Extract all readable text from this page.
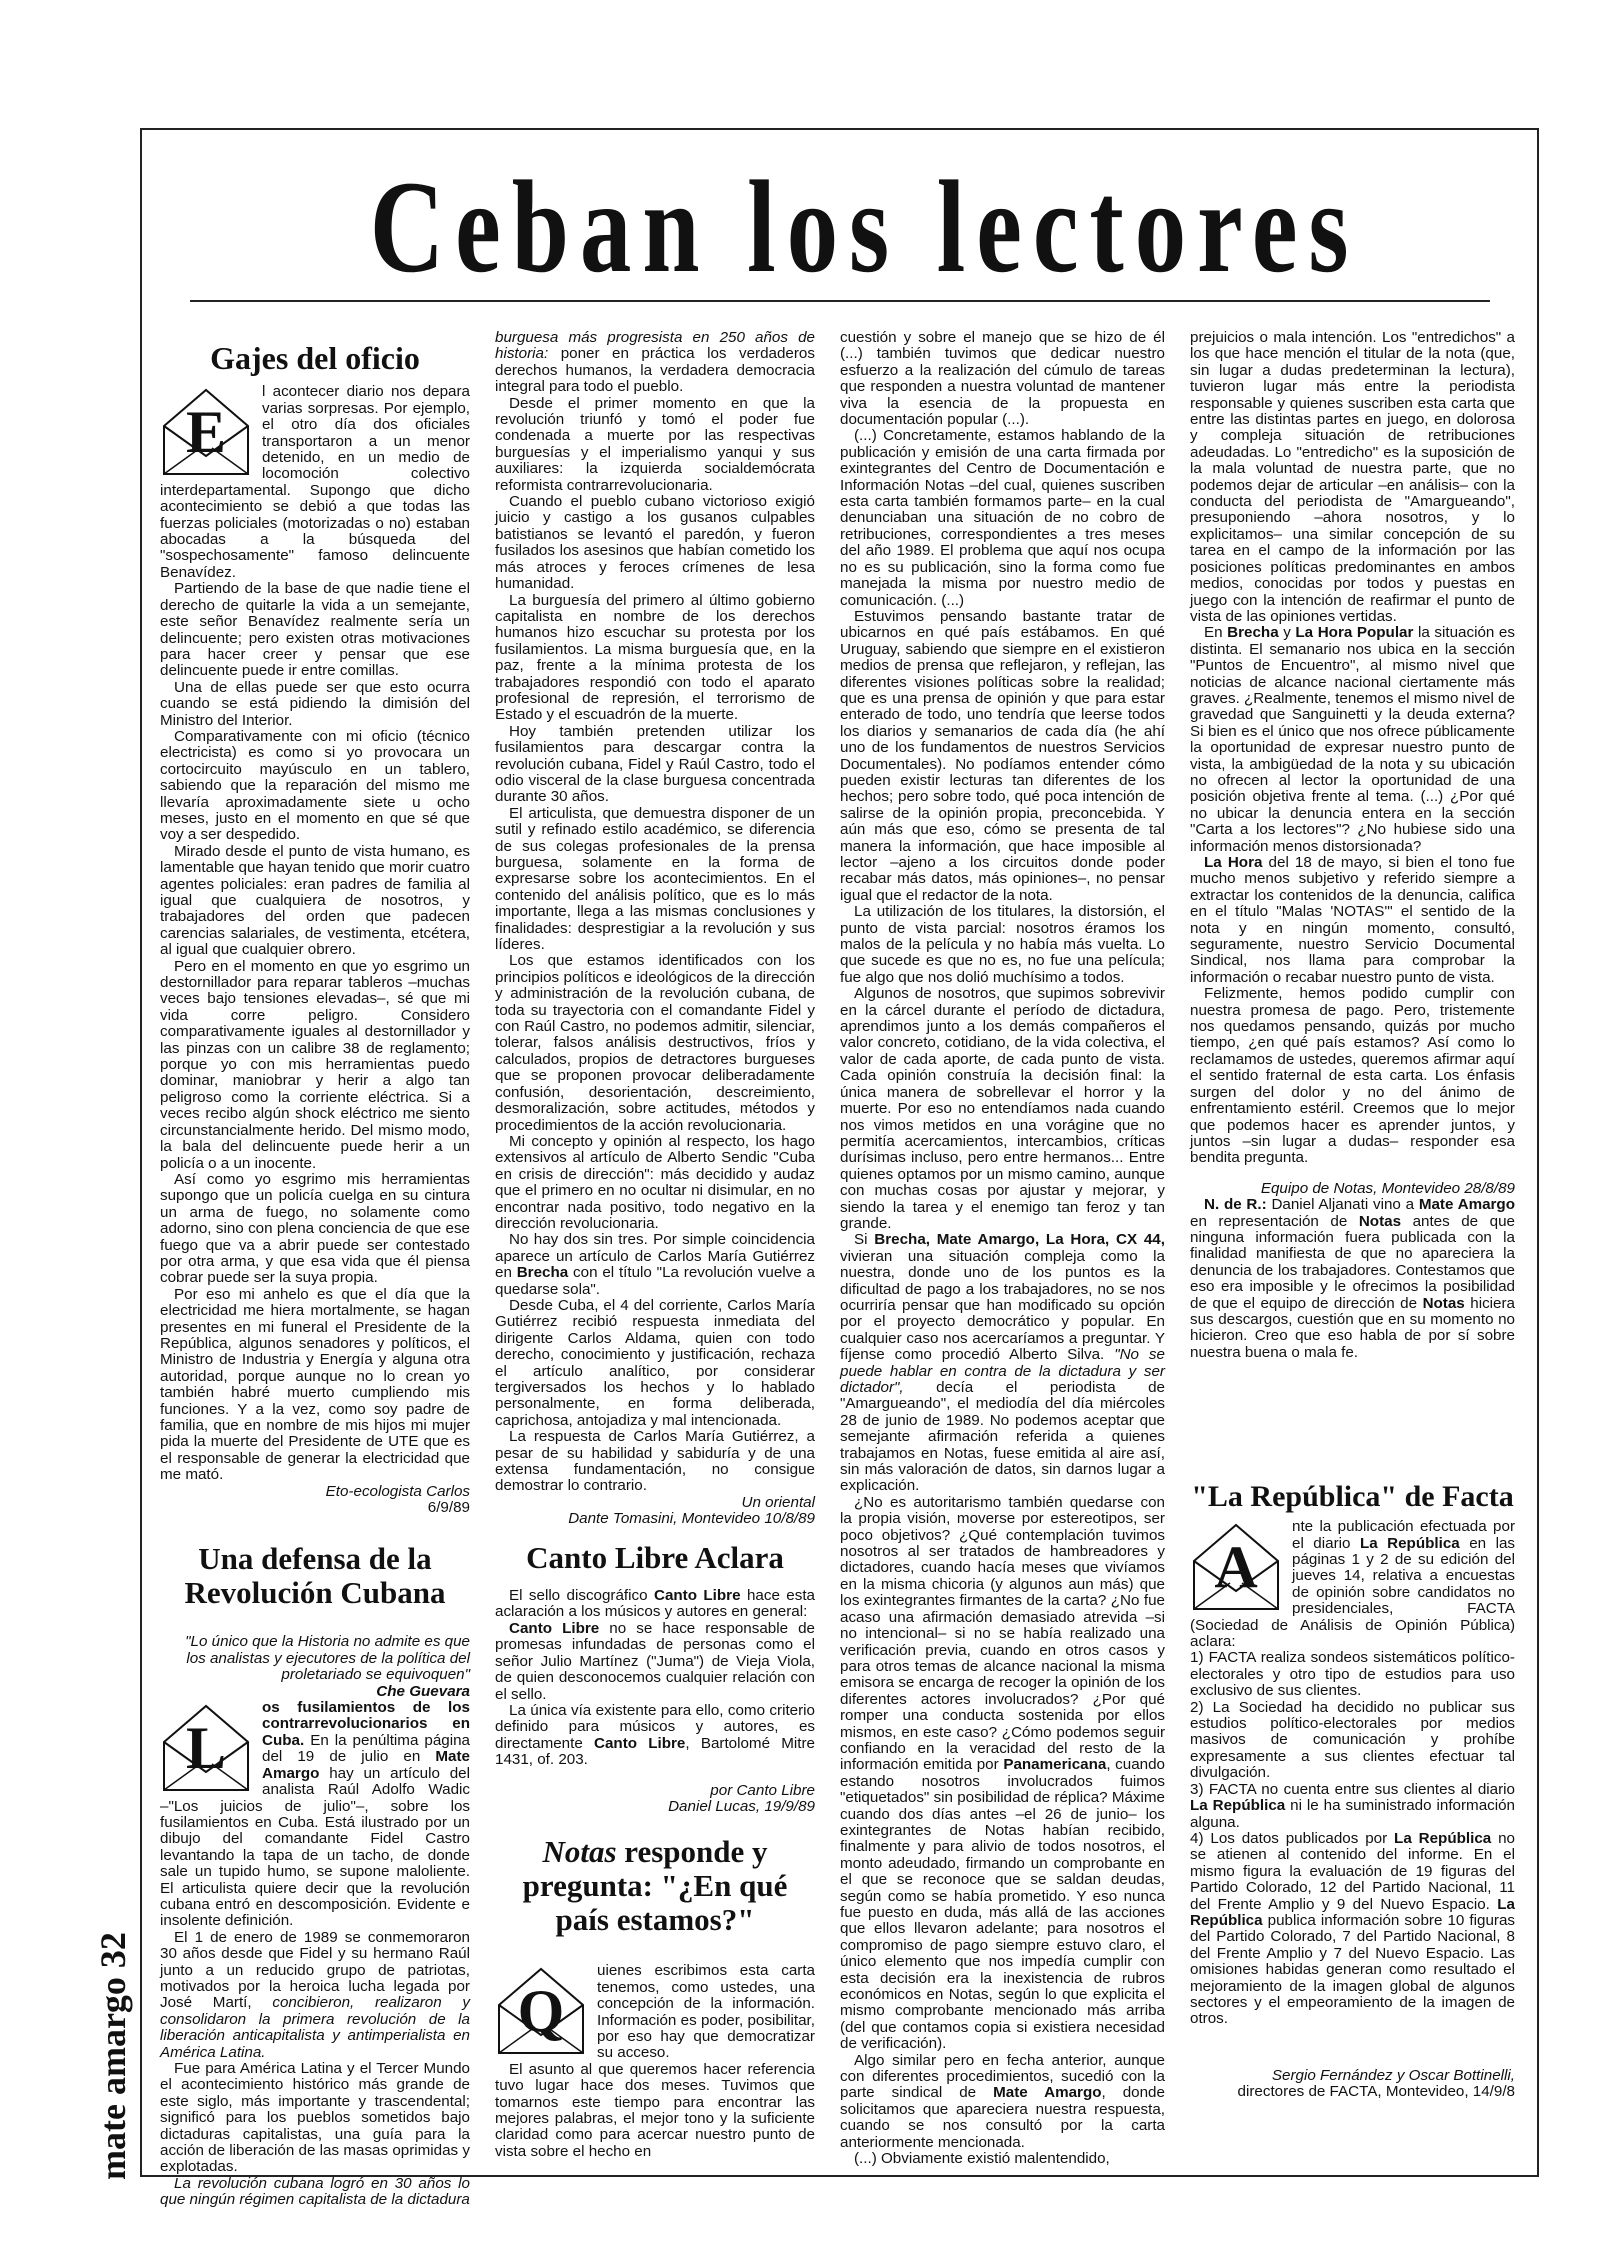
Ceban los lectores
Gajes del oficio
E

l acontecer diario nos depara varias sorpresas. Por ejemplo, el otro día dos oficiales transportaron a un menor detenido, en un medio de locomoción colectivo interdepartamental. Supongo que dicho acontecimiento se debió a que todas las fuerzas policiales (motorizadas o no) estaban abocadas a la búsqueda del "sospechosamente" famoso delincuente Benavídez.

Partiendo de la base de que nadie tiene el derecho de quitarle la vida a un semejante, este señor Benavídez realmente sería un delincuente; pero existen otras motivaciones para hacer creer y pensar que ese delincuente puede ir entre comillas.

Una de ellas puede ser que esto ocurra cuando se está pidiendo la dimisión del Ministro del Interior.

Comparativamente con mi oficio (técnico electricista) es como si yo provocara un cortocircuito mayúsculo en un tablero, sabiendo que la reparación del mismo me llevaría aproximadamente siete u ocho meses, justo en el momento en que sé que voy a ser despedido.

Mirado desde el punto de vista humano, es lamentable que hayan tenido que morir cuatro agentes policiales: eran padres de familia al igual que cualquiera de nosotros, y trabajadores del orden que padecen carencias salariales, de vestimenta, etcétera, al igual que cualquier obrero.

Pero en el momento en que yo esgrimo un destornillador para reparar tableros –muchas veces bajo tensiones elevadas–, sé que mi vida corre peligro. Considero comparativamente iguales al destornillador y las pinzas con un calibre 38 de reglamento; porque yo con mis herramientas puedo dominar, maniobrar y herir a algo tan peligroso como la corriente eléctrica. Si a veces recibo algún shock eléctrico me siento circunstancialmente herido. Del mismo modo, la bala del delincuente puede herir a un policía o a un inocente.

Así como yo esgrimo mis herramientas supongo que un policía cuelga en su cintura un arma de fuego, no solamente como adorno, sino con plena conciencia de que ese fuego que va a abrir puede ser contestado por otra arma, y que esa vida que él piensa cobrar puede ser la suya propia.

Por eso mi anhelo es que el día que la electricidad me hiera mortalmente, se hagan presentes en mi funeral el Presidente de la República, algunos senadores y políticos, el Ministro de Industria y Energía y alguna otra autoridad, porque aunque no lo crean yo también habré muerto cumpliendo mis funciones. Y a la vez, como soy padre de familia, que en nombre de mis hijos mi mujer pida la muerte del Presidente de UTE que es el responsable de generar la electricidad que me mató.

Eto-ecologista Carlos

6/9/89

Una defensa de la Revolución Cubana

"Lo único que la Historia no admite es que los analistas y ejecutores de la política del proletariado se equivoquen"

Che Guevara

L

os fusilamientos de los contrarrevolucionarios en Cuba. En la penúltima página del 19 de julio en Mate Amargo hay un artículo del analista Raúl Adolfo Wadic –"Los juicios de julio"–, sobre los fusilamientos en Cuba. Está ilustrado por un dibujo del comandante Fidel Castro levantando la tapa de un tacho, de donde sale un tupido humo, se supone maloliente. El articulista quiere decir que la revolución cubana entró en descomposición. Evidente e insolente definición.

El 1 de enero de 1989 se conmemoraron 30 años desde que Fidel y su hermano Raúl junto a un reducido grupo de patriotas, motivados por la heroica lucha legada por José Martí, concibieron, realizaron y consolidaron la primera revolución de la liberación anticapitalista y antimperialista en América Latina.

Fue para América Latina y el Tercer Mundo el acontecimiento histórico más grande de este siglo, más importante y trascendental; significó para los pueblos sometidos bajo dictaduras capitalistas, una guía para la acción de liberación de las masas oprimidas y explotadas.

La revolución cubana logró en 30 años lo que ningún régimen capitalista de la dictadura

burguesa más progresista en 250 años de historia: poner en práctica los verdaderos derechos humanos, la verdadera democracia integral para todo el pueblo.

Desde el primer momento en que la revolución triunfó y tomó el poder fue condenada a muerte por las respectivas burguesías y el imperialismo yanqui y sus auxiliares: la izquierda socialdemócrata reformista contrarrevolucionaria.

Cuando el pueblo cubano victorioso exigió juicio y castigo a los gusanos culpables batistianos se levantó el paredón, y fueron fusilados los asesinos que habían cometido los más atroces y feroces crímenes de lesa humanidad.

La burguesía del primero al último gobierno capitalista en nombre de los derechos humanos hizo escuchar su protesta por los fusilamientos. La misma burguesía que, en la paz, frente a la mínima protesta de los trabajadores respondió con todo el aparato profesional de represión, el terrorismo de Estado y el escuadrón de la muerte.

Hoy también pretenden utilizar los fusilamientos para descargar contra la revolución cubana, Fidel y Raúl Castro, todo el odio visceral de la clase burguesa concentrada durante 30 años.

El articulista, que demuestra disponer de un sutil y refinado estilo académico, se diferencia de sus colegas profesionales de la prensa burguesa, solamente en la forma de expresarse sobre los acontecimientos. En el contenido del análisis político, que es lo más importante, llega a las mismas conclusiones y finalidades: desprestigiar a la revolución y sus líderes.

Los que estamos identificados con los principios políticos e ideológicos de la dirección y administración de la revolución cubana, de toda su trayectoria con el comandante Fidel y con Raúl Castro, no podemos admitir, silenciar, tolerar, falsos análisis destructivos, fríos y calculados, propios de detractores burgueses que se proponen provocar deliberadamente confusión, desorientación, descreimiento, desmoralización, sobre actitudes, métodos y procedimientos de la acción revolucionaria.

Mi concepto y opinión al respecto, los hago extensivos al artículo de Alberto Sendic "Cuba en crisis de dirección": más decidido y audaz que el primero en no ocultar ni disimular, en no encontrar nada positivo, todo negativo en la dirección revolucionaria.

No hay dos sin tres. Por simple coincidencia aparece un artículo de Carlos María Gutiérrez en Brecha con el título "La revolución vuelve a quedarse sola".

Desde Cuba, el 4 del corriente, Carlos María Gutiérrez recibió respuesta inmediata del dirigente Carlos Aldama, quien con todo derecho, conocimiento y justificación, rechaza el artículo analítico, por considerar tergiversados los hechos y lo hablado personalmente, en forma deliberada, caprichosa, antojadiza y mal intencionada.

La respuesta de Carlos María Gutiérrez, a pesar de su habilidad y sabiduría y de una extensa fundamentación, no consigue demostrar lo contrario.

Un oriental

Dante Tomasini, Montevideo 10/8/89

Canto Libre Aclara

El sello discográfico Canto Libre hace esta aclaración a los músicos y autores en general:

Canto Libre no se hace responsable de promesas infundadas de personas como el señor Julio Martínez ("Juma") de Vieja Viola, de quien desconocemos cualquier relación con el sello.

La única vía existente para ello, como criterio definido para músicos y autores, es directamente Canto Libre, Bartolomé Mitre 1431, of. 203.

por Canto Libre

Daniel Lucas, 19/9/89

Notas responde y pregunta: "¿En qué país estamos?"
Q

uienes escribimos esta carta tenemos, como ustedes, una concepción de la información. Información es poder, posibilitar, por eso hay que democratizar su acceso.

El asunto al que queremos hacer referencia tuvo lugar hace dos meses. Tuvimos que tomarnos este tiempo para encontrar las mejores palabras, el mejor tono y la suficiente claridad como para acercar nuestro punto de vista sobre el hecho en

cuestión y sobre el manejo que se hizo de él (...) también tuvimos que dedicar nuestro esfuerzo a la realización del cúmulo de tareas que responden a nuestra voluntad de mantener viva la esencia de la propuesta en documentación popular (...).

(...) Concretamente, estamos hablando de la publicación y emisión de una carta firmada por exintegrantes del Centro de Documentación e Información Notas –del cual, quienes suscriben esta carta también formamos parte– en la cual denunciaban una situación de no cobro de retribuciones, correspondientes a tres meses del año 1989. El problema que aquí nos ocupa no es su publicación, sino la forma como fue manejada la misma por nuestro medio de comunicación. (...)

Estuvimos pensando bastante tratar de ubicarnos en qué país estábamos. En qué Uruguay, sabiendo que siempre en el existieron medios de prensa que reflejaron, y reflejan, las diferentes visiones políticas sobre la realidad; que es una prensa de opinión y que para estar enterado de todo, uno tendría que leerse todos los diarios y semanarios de cada día (he ahí uno de los fundamentos de nuestros Servicios Documentales). No podíamos entender cómo pueden existir lecturas tan diferentes de los hechos; pero sobre todo, qué poca intención de salirse de la opinión propia, preconcebida. Y aún más que eso, cómo se presenta de tal manera la información, que hace imposible al lector –ajeno a los circuitos donde poder recabar más datos, más opiniones–, no pensar igual que el redactor de la nota.

La utilización de los titulares, la distorsión, el punto de vista parcial: nosotros éramos los malos de la película y no había más vuelta. Lo que sucede es que no es, no fue una película; fue algo que nos dolió muchísimo a todos.

Algunos de nosotros, que supimos sobrevivir en la cárcel durante el período de dictadura, aprendimos junto a los demás compañeros el valor concreto, cotidiano, de la vida colectiva, el valor de cada aporte, de cada punto de vista. Cada opinión construía la decisión final: la única manera de sobrellevar el horror y la muerte. Por eso no entendíamos nada cuando nos vimos metidos en una vorágine que no permitía acercamientos, intercambios, críticas durísimas incluso, pero entre hermanos... Entre quienes optamos por un mismo camino, aunque con muchas cosas por ajustar y mejorar, y siendo la tarea y el enemigo tan feroz y tan grande.

Si Brecha, Mate Amargo, La Hora, CX 44, vivieran una situación compleja como la nuestra, donde uno de los puntos es la dificultad de pago a los trabajadores, no se nos ocurriría pensar que han modificado su opción por el proyecto democrático y popular. En cualquier caso nos acercaríamos a preguntar. Y fíjense como procedió Alberto Silva. "No se puede hablar en contra de la dictadura y ser dictador", decía el periodista de "Amargueando", el mediodía del día miércoles 28 de junio de 1989. No podemos aceptar que semejante afirmación referida a quienes trabajamos en Notas, fuese emitida al aire así, sin más valoración de datos, sin darnos lugar a explicación.

¿No es autoritarismo también quedarse con la propia visión, moverse por estereotipos, ser poco objetivos? ¿Qué contemplación tuvimos nosotros al ser tratados de hambreadores y dictadores, cuando hacía meses que vivíamos en la misma chicoria (y algunos aun más) que los exintegrantes firmantes de la carta? ¿No fue acaso una afirmación demasiado atrevida –si no intencional– si no se había realizado una verificación previa, cuando en otros casos y para otros temas de alcance nacional la misma emisora se encarga de recoger la opinión de los diferentes actores involucrados? ¿Por qué romper una conducta sostenida por ellos mismos, en este caso? ¿Cómo podemos seguir confiando en la veracidad del resto de la información emitida por Panamericana, cuando estando nosotros involucrados fuimos "etiquetados" sin posibilidad de réplica? Máxime cuando dos días antes –el 26 de junio– los exintegrantes de Notas habían recibido, finalmente y para alivio de todos nosotros, el monto adeudado, firmando un comprobante en el que se reconoce que se saldan deudas, según como se había prometido. Y eso nunca fue puesto en duda, más allá de las acciones que ellos llevaron adelante; para nosotros el compromiso de pago siempre estuvo claro, el único elemento que nos impedía cumplir con esta decisión era la inexistencia de rubros económicos en Notas, según lo que explicita el mismo comprobante mencionado más arriba (del que contamos copia si existiera necesidad de verificación).

Algo similar pero en fecha anterior, aunque con diferentes procedimientos, sucedió con la parte sindical de Mate Amargo, donde solicitamos que apareciera nuestra respuesta, cuando se nos consultó por la carta anteriormente mencionada.

(...) Obviamente existió malentendido,

prejuicios o mala intención. Los "entredichos" a los que hace mención el titular de la nota (que, sin lugar a dudas predeterminan la lectura), tuvieron lugar más entre la periodista responsable y quienes suscriben esta carta que entre las distintas partes en juego, en dolorosa y compleja situación de retribuciones adeudadas. Lo "entredicho" es la suposición de la mala voluntad de nuestra parte, que no podemos dejar de articular –en análisis– con la conducta del periodista de "Amargueando", presuponiendo –ahora nosotros, y lo explicitamos– una similar concepción de su tarea en el campo de la información por las posiciones políticas predominantes en ambos medios, conocidas por todos y puestas en juego con la intención de reafirmar el punto de vista de las opiniones vertidas.

En Brecha y La Hora Popular la situación es distinta. El semanario nos ubica en la sección "Puntos de Encuentro", al mismo nivel que noticias de alcance nacional ciertamente más graves. ¿Realmente, tenemos el mismo nivel de gravedad que Sanguinetti y la deuda externa? Si bien es el único que nos ofrece públicamente la oportunidad de expresar nuestro punto de vista, la ambigüedad de la nota y su ubicación no ofrecen al lector la oportunidad de una posición objetiva frente al tema. (...) ¿Por qué no ubicar la denuncia entera en la sección "Carta a los lectores"? ¿No hubiese sido una información menos distorsionada?

La Hora del 18 de mayo, si bien el tono fue mucho menos subjetivo y referido siempre a extractar los contenidos de la denuncia, califica en el título "Malas 'NOTAS'" el sentido de la nota y en ningún momento, consultó, seguramente, nuestro Servicio Documental Sindical, nos llama para comprobar la información o recabar nuestro punto de vista.

Felizmente, hemos podido cumplir con nuestra promesa de pago. Pero, tristemente nos quedamos pensando, quizás por mucho tiempo, ¿en qué país estamos? Así como lo reclamamos de ustedes, queremos afirmar aquí el sentido fraternal de esta carta. Los énfasis surgen del dolor y no del ánimo de enfrentamiento estéril. Creemos que lo mejor que podemos hacer es aprender juntos, y juntos –sin lugar a dudas– responder esa bendita pregunta.

Equipo de Notas, Montevideo 28/8/89

N. de R.: Daniel Aljanati vino a Mate Amargo en representación de Notas antes de que ninguna información fuera publicada con la finalidad manifiesta de que no apareciera la denuncia de los trabajadores. Contestamos que eso era imposible y le ofrecimos la posibilidad de que el equipo de dirección de Notas hiciera sus descargos, cuestión que en su momento no hicieron. Creo que eso habla de por sí sobre nuestra buena o mala fe.

"La República" de Facta
A

nte la publicación efectuada por el diario La República en las páginas 1 y 2 de su edición del jueves 14, relativa a encuestas de opinión sobre candidatos no presidenciales, FACTA (Sociedad de Análisis de Opinión Pública) aclara:

1) FACTA realiza sondeos sistemáticos político-electorales y otro tipo de estudios para uso exclusivo de sus clientes.

2) La Sociedad ha decidido no publicar sus estudios político-electorales por medios masivos de comunicación y prohíbe expresamente a sus clientes efectuar tal divulgación.

3) FACTA no cuenta entre sus clientes al diario La República ni le ha suministrado información alguna.

4) Los datos publicados por La República no se atienen al contenido del informe. En el mismo figura la evaluación de 19 figuras del Partido Colorado, 12 del Partido Nacional, 11 del Frente Amplio y 9 del Nuevo Espacio. La República publica información sobre 10 figuras del Partido Colorado, 7 del Partido Nacional, 8 del Frente Amplio y 7 del Nuevo Espacio. Las omisiones habidas generan como resultado el mejoramiento de la imagen global de algunos sectores y el empeoramiento de la imagen de otros.

Sergio Fernández y Oscar Bottinelli,

directores de FACTA, Montevideo, 14/9/8

mate amargo 32
